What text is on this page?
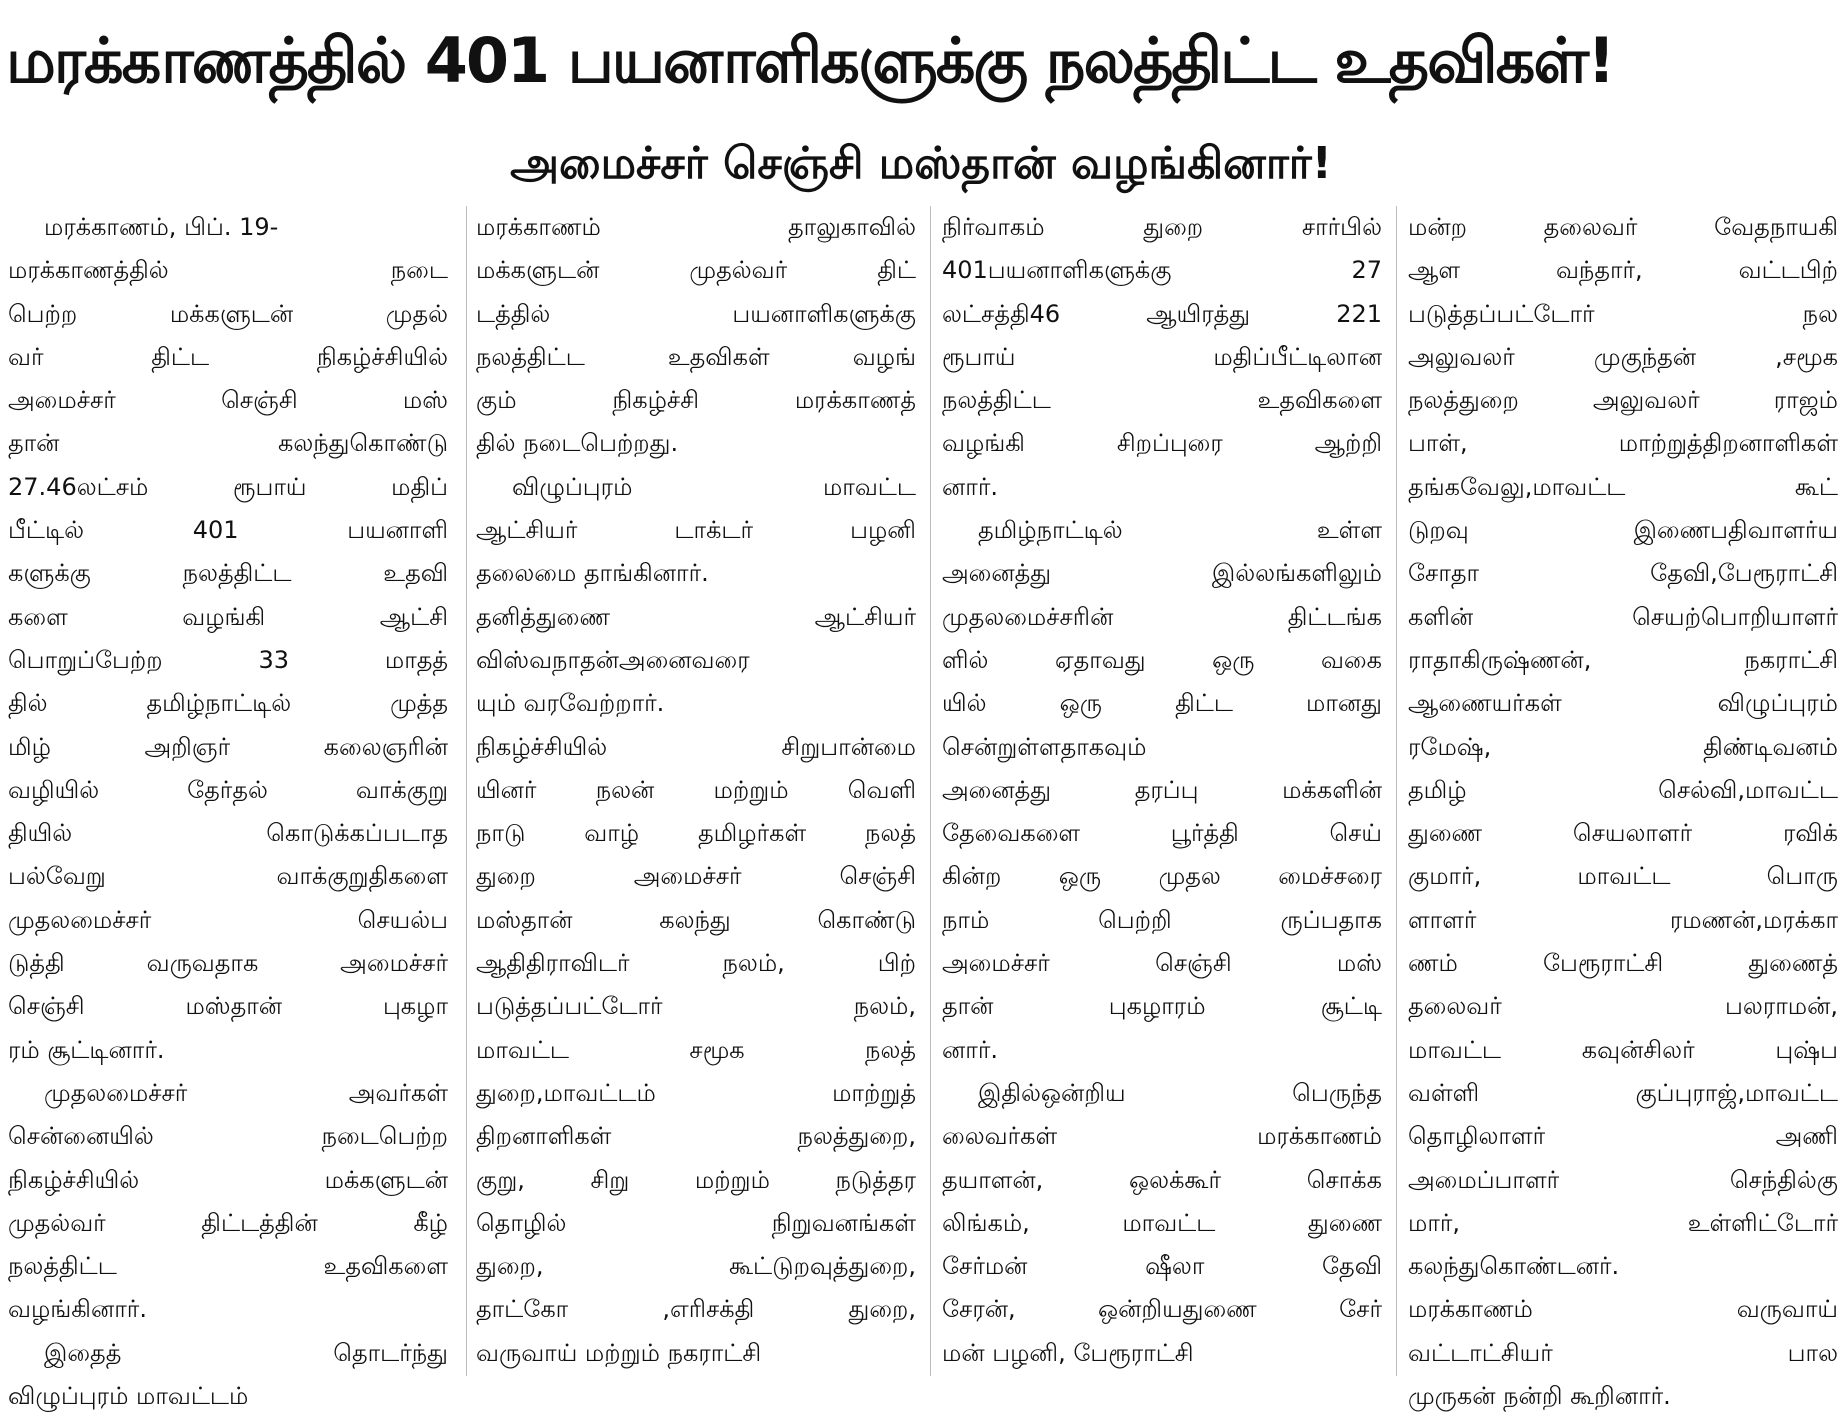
மரக்காணத்தில் 401 பயனாளிகளுக்கு நலத்திட்ட உதவிகள்!
அமைச்சர் செஞ்சி மஸ்தான் வழங்கினார்!
மரக்காணம், பிப். 19-
மரக்காணத்தில் நடை
பெற்ற மக்களுடன் முதல்
வர் திட்ட நிகழ்ச்சியில்
அமைச்சர் செஞ்சி மஸ்
தான் கலந்துகொண்டு
27.46லட்சம் ரூபாய் மதிப்
பீட்டில் 401 பயனாளி
களுக்கு நலத்திட்ட உதவி
களை வழங்கி ஆட்சி
பொறுப்பேற்ற 33 மாதத்
தில் தமிழ்நாட்டில் முத்த
மிழ் அறிஞர் கலைஞரின்
வழியில் தேர்தல் வாக்குறு
தியில் கொடுக்கப்படாத
பல்வேறு வாக்குறுதிகளை
முதலமைச்சர் செயல்ப
டுத்தி வருவதாக அமைச்சர்
செஞ்சி மஸ்தான் புகழா
ரம் சூட்டினார்.
முதலமைச்சர் அவர்கள்
சென்னையில் நடைபெற்ற
நிகழ்ச்சியில் மக்களுடன்
முதல்வர் திட்டத்தின் கீழ்
நலத்திட்ட உதவிகளை
வழங்கினார்.
இதைத் தொடர்ந்து
விழுப்புரம் மாவட்டம்
மரக்காணம் தாலுகாவில்
மக்களுடன் முதல்வர் திட்
டத்தில் பயனாளிகளுக்கு
நலத்திட்ட உதவிகள் வழங்
கும் நிகழ்ச்சி மரக்காணத்
தில் நடைபெற்றது.
விழுப்புரம் மாவட்ட
ஆட்சியர் டாக்டர் பழனி
தலைமை தாங்கினார்.
தனித்துணை ஆட்சியர்
விஸ்வநாதன்அனைவரை
யும் வரவேற்றார்.
நிகழ்ச்சியில் சிறுபான்மை
யினர் நலன் மற்றும் வெளி
நாடு வாழ் தமிழர்கள் நலத்
துறை அமைச்சர் செஞ்சி
மஸ்தான் கலந்து கொண்டு
ஆதிதிராவிடர் நலம், பிற்
படுத்தப்பட்டோர் நலம்,
மாவட்ட சமூக நலத்
துறை,மாவட்டம் மாற்றுத்
திறனாளிகள் நலத்துறை,
குறு, சிறு மற்றும் நடுத்தர
தொழில் நிறுவனங்கள்
துறை, கூட்டுறவுத்துறை,
தாட்கோ ,எரிசக்தி துறை,
வருவாய் மற்றும் நகராட்சி
நிர்வாகம் துறை சார்பில்
401பயனாளிகளுக்கு 27
லட்சத்தி46 ஆயிரத்து 221
ரூபாய் மதிப்பீட்டிலான
நலத்திட்ட உதவிகளை
வழங்கி சிறப்புரை ஆற்றி
னார்.
தமிழ்நாட்டில் உள்ள
அனைத்து இல்லங்களிலும்
முதலமைச்சரின் திட்டங்க
ளில் ஏதாவது ஒரு வகை
யில் ஒரு திட்ட மானது
சென்றுள்ளதாகவும்
அனைத்து தரப்பு மக்களின்
தேவைகளை பூர்த்தி செய்
கின்ற ஒரு முதல மைச்சரை
நாம் பெற்றி ருப்பதாக
அமைச்சர் செஞ்சி மஸ்
தான் புகழாரம் சூட்டி
னார்.
இதில்ஒன்றிய பெருந்த
லைவர்கள் மரக்காணம்
தயாளன், ஒலக்கூர் சொக்க
லிங்கம், மாவட்ட துணை
சேர்மன் ஷீலா தேவி
சேரன், ஒன்றியதுணை சேர்
மன் பழனி, பேரூராட்சி
மன்ற தலைவர் வேதநாயகி
ஆள வந்தார், வட்டபிற்
படுத்தப்பட்டோர் நல
அலுவலர் முகுந்தன் ,சமூக
நலத்துறை அலுவலர் ராஜம்
பாள், மாற்றுத்திறனாளிகள்
தங்கவேலு,மாவட்ட கூட்
டுறவு இணைபதிவாளர்ய
சோதா தேவி,பேரூராட்சி
களின் செயற்பொறியாளர்
ராதாகிருஷ்ணன், நகராட்சி
ஆணையர்கள் விழுப்புரம்
ரமேஷ், திண்டிவனம்
தமிழ் செல்வி,மாவட்ட
துணை செயலாளர் ரவிக்
குமார், மாவட்ட பொரு
ளாளர் ரமணன்,மரக்கா
ணம் பேரூராட்சி துணைத்
தலைவர் பலராமன்,
மாவட்ட கவுன்சிலர் புஷ்ப
வள்ளி குப்புராஜ்,மாவட்ட
தொழிலாளர் அணி
அமைப்பாளர் செந்தில்கு
மார், உள்ளிட்டோர்
கலந்துகொண்டனர்.
மரக்காணம் வருவாய்
வட்டாட்சியர் பால
முருகன் நன்றி கூறினார்.
